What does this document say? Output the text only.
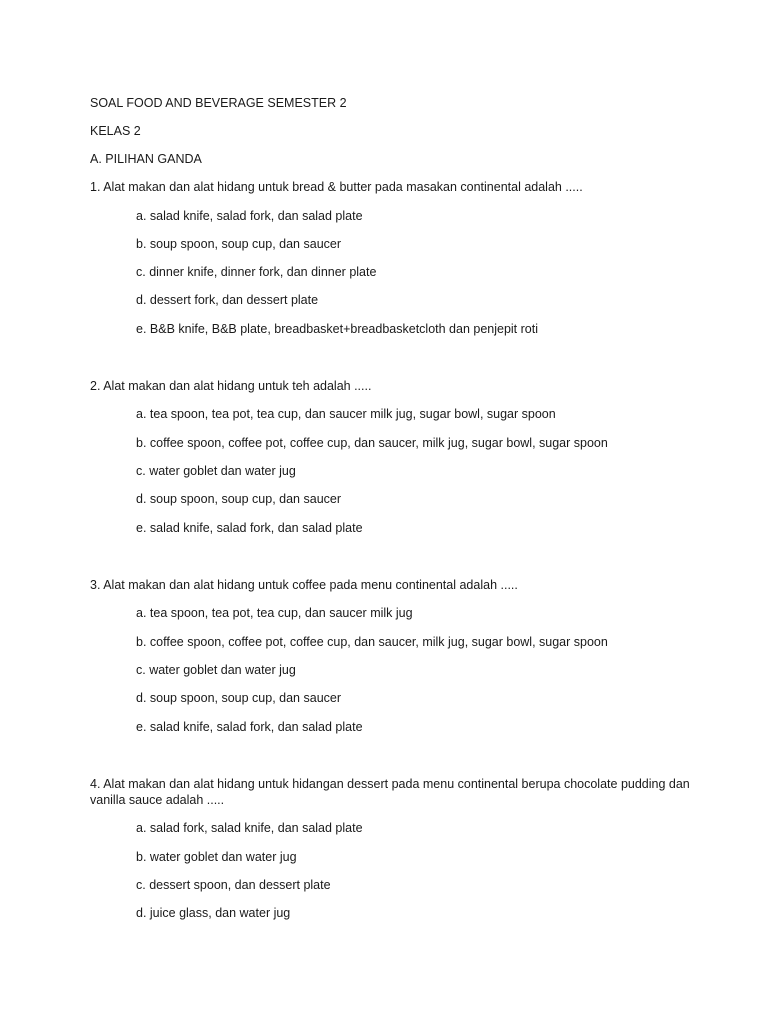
SOAL FOOD AND BEVERAGE SEMESTER 2
KELAS 2
A. PILIHAN GANDA
1. Alat makan dan alat hidang untuk bread & butter pada masakan continental adalah .....
a. salad knife, salad fork, dan salad plate
b. soup spoon, soup cup, dan saucer
c. dinner knife, dinner fork, dan dinner plate
d. dessert fork, dan dessert plate
e. B&B knife, B&B plate, breadbasket+breadbasketcloth dan penjepit roti
2. Alat makan dan alat hidang untuk teh adalah .....
a. tea spoon, tea pot, tea cup, dan saucer milk jug, sugar bowl, sugar spoon
b. coffee spoon, coffee pot, coffee cup, dan saucer, milk jug, sugar bowl, sugar spoon
c. water goblet dan water jug
d. soup spoon, soup cup, dan saucer
e. salad knife, salad fork, dan salad plate
3. Alat makan dan alat hidang untuk coffee pada menu continental adalah .....
a. tea spoon, tea pot, tea cup, dan saucer milk jug
b. coffee spoon, coffee pot, coffee cup, dan saucer, milk jug, sugar bowl, sugar spoon
c. water goblet dan water jug
d. soup spoon, soup cup, dan saucer
e. salad knife, salad fork, dan salad plate
4. Alat makan dan alat hidang untuk hidangan dessert pada menu continental berupa chocolate pudding dan vanilla sauce adalah .....
a. salad fork, salad knife, dan salad plate
b. water goblet dan water jug
c. dessert spoon, dan dessert plate
d. juice glass, dan water jug
